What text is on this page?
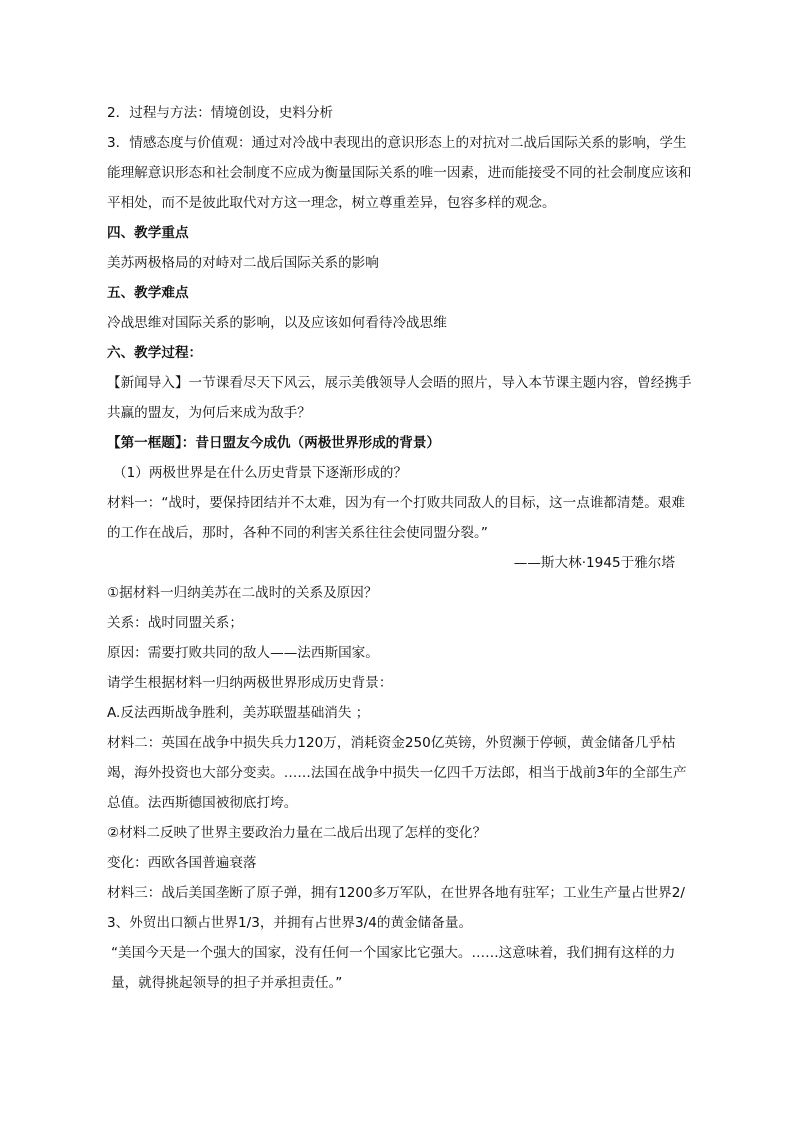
2．过程与方法：情境创设，史料分析

3．情感态度与价值观：通过对冷战中表现出的意识形态上的对抗对二战后国际关系的影响，学生能理解意识形态和社会制度不应成为衡量国际关系的唯一因素，进而能接受不同的社会制度应该和平相处，而不是彼此取代对方这一理念，树立尊重差异，包容多样的观念。

四、教学重点

美苏两极格局的对峙对二战后国际关系的影响

五、教学难点

冷战思维对国际关系的影响，以及应该如何看待冷战思维

六、教学过程：

【新闻导入】一节课看尽天下风云，展示美俄领导人会晤的照片，导入本节课主题内容，曾经携手共赢的盟友，为何后来成为敌手？

【第一框题】：昔日盟友今成仇（两极世界形成的背景）

（1）两极世界是在什么历史背景下逐渐形成的？

材料一：“战时，要保持团结并不太难，因为有一个打败共同敌人的目标，这一点谁都清楚。艰难的工作在战后，那时，各种不同的利害关系往往会使同盟分裂。”

——斯大林·1945于雅尔塔

①据材料一归纳美苏在二战时的关系及原因？

关系：战时同盟关系；

原因：需要打败共同的敌人——法西斯国家。

请学生根据材料一归纳两极世界形成历史背景：

A.反法西斯战争胜利，美苏联盟基础消失 ；

材料二：英国在战争中损失兵力120万，消耗资金250亿英镑，外贸濒于停顿，黄金储备几乎枯竭，海外投资也大部分变卖。……法国在战争中损失一亿四千万法郎，相当于战前3年的全部生产总值。法西斯德国被彻底打垮。

②材料二反映了世界主要政治力量在二战后出现了怎样的变化？

变化：西欧各国普遍衰落

材料三：战后美国垄断了原子弹，拥有1200多万军队，在世界各地有驻军；工业生产量占世界2/3、外贸出口额占世界1/3，并拥有占世界3/4的黄金储备量。

“美国今天是一个强大的国家，没有任何一个国家比它强大。……这意味着，我们拥有这样的力量，就得挑起领导的担子并承担责任。”
